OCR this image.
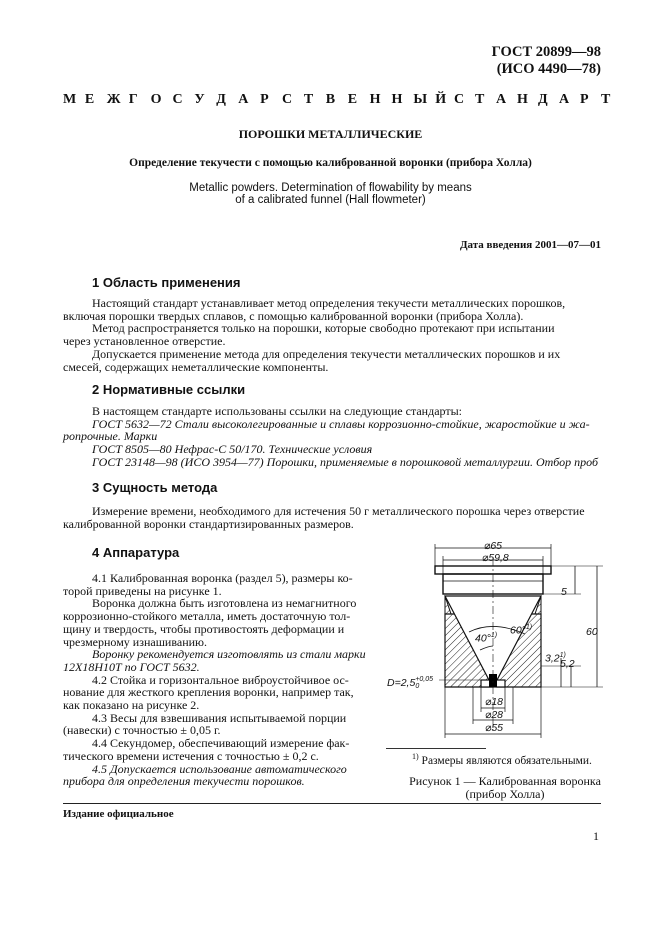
ГОСТ 20899—98
(ИСО 4490—78)
М Е Ж Г О С У Д А Р С Т В Е Н Н Ы Й С Т А Н Д А Р Т
ПОРОШКИ МЕТАЛЛИЧЕСКИЕ
Определение текучести с помощью калиброванной воронки (прибора Холла)
Metallic powders. Determination of flowability by means
of a calibrated funnel (Hall flowmeter)
Дата введения 2001—07—01
1 Область применения
Настоящий стандарт устанавливает метод определения текучести металлических порошков,
включая порошки твердых сплавов, с помощью калиброванной воронки (прибора Холла).
Метод распространяется только на порошки, которые свободно протекают при испытании
через установленное отверстие.
Допускается применение метода для определения текучести металлических порошков и их
смесей, содержащих неметаллические компоненты.
2 Нормативные ссылки
В настоящем стандарте использованы ссылки на следующие стандарты:
ГОСТ 5632—72 Стали высоколегированные и сплавы коррозионно-стойкие, жаростойкие и жа-
ропрочные. Марки
ГОСТ 8505—80 Нефрас-С 50/170. Технические условия
ГОСТ 23148—98 (ИСО 3954—77) Порошки, применяемые в порошковой металлургии. Отбор проб
3 Сущность метода
Измерение времени, необходимого для истечения 50 г металлического порошка через отверстие
калиброванной воронки стандартизированных размеров.
4 Аппаратура
4.1 Калиброванная воронка (раздел 5), размеры ко-
торой приведены на рисунке 1.
Воронка должна быть изготовлена из немагнитного
коррозионно-стойкого металла, иметь достаточную тол-
щину и твердость, чтобы противостоять деформации и
чрезмерному изнашиванию.
Воронку рекомендуется изготовлять из стали марки
12Х18Н10Т по ГОСТ 5632.
4.2 Стойка и горизонтальное виброустойчивое ос-
нование для жесткого крепления воронки, например так,
как показано на рисунке 2.
4.3 Весы для взвешивания испытываемой порции
(навески) с точностью ± 0,05 г.
4.4 Секундомер, обеспечивающий измерение фак-
тического времени истечения с точностью ± 0,2 с.
4.5 Допускается использование автоматического
прибора для определения текучести порошков.
⌀65
⌀59,8
5
60
3,2$^{1)}$
5,2
60°$^{1)}$
40°$^{1)}$
D=2,5+0,05
0
⌀18
⌀28
⌀55
$^{1)}$ Размеры являются обязательными.
Рисунок 1 — Калиброванная воронка
(прибор Холла)
Издание официальное
1
